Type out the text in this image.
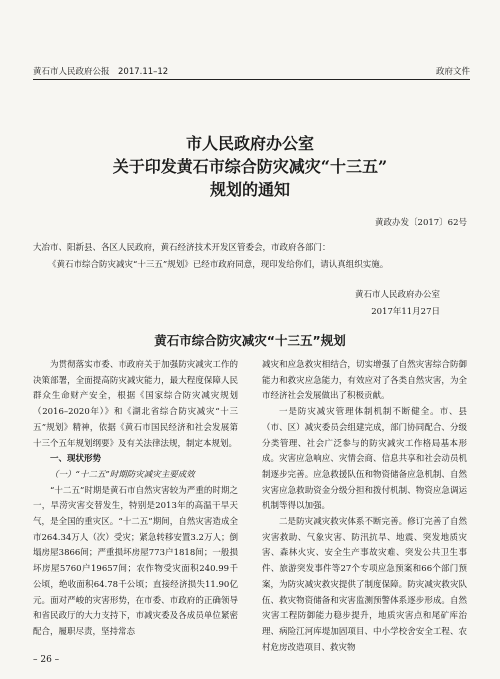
黄石市人民政府公报　2017.11–12	政府文件
市人民政府办公室
关于印发黄石市综合防灾减灾“十三五”
规划的通知
黄政办发〔2017〕62号

大冶市、阳新县、各区人民政府，黄石经济技术开发区管委会，市政府各部门：

《黄石市综合防灾减灾“十三五”规划》已经市政府同意，现印发给你们，请认真组织实施。

黄石市人民政府办公室
2017年11月27日
黄石市综合防灾减灾“十三五”规划

为贯彻落实市委、市政府关于加强防灾减灾工作的决策部署，全面提高防灾减灾能力，最大程度保障人民群众生命财产安全，根据《国家综合防灾减灾规划（2016–2020年）》和《湖北省综合防灾减灾“十三五”规划》精神，依据《黄石市国民经济和社会发展第十三个五年规划纲要》及有关法律法规，制定本规划。

一、现状形势

（一）“十二五”时期防灾减灾主要成效

“十二五”时期是黄石市自然灾害较为严重的时期之一，旱涝灾害交替发生，特别是2013年的高温干旱天气，是全国的重灾区。“十二五”期间，自然灾害造成全市264.34万人（次）受灾；紧急转移安置3.2万人；倒塌房屋3866间；严重损坏房屋773户1818间；一般损坏房屋5760户19657间；农作物受灾面积240.99千公顷，绝收面积64.78千公顷；直接经济损失11.90亿元。面对严峻的灾害形势，在市委、市政府的正确领导和省民政厅的大力支持下，市减灾委及各成员单位紧密配合，履职尽责，坚持常态

减灾和应急救灾相结合，切实增强了自然灾害综合防御能力和救灾应急能力，有效应对了各类自然灾害，为全市经济社会发展做出了积极贡献。

一是防灾减灾管理体制机制不断健全。市、县（市、区）减灾委员会组建完成，部门协同配合、分级分类管理、社会广泛参与的防灾减灾工作格局基本形成。灾害应急响应、灾情会商、信息共享和社会动员机制逐步完善。应急救援队伍和物资储备应急机制、自然灾害应急救助资金分级分担和拨付机制、物资应急调运机制等得以加强。

二是防灾减灾救灾体系不断完善。修订完善了自然灾害救助、气象灾害、防汛抗旱、地震、突发地质灾害、森林火灾、安全生产事故灾难、突发公共卫生事件、旅游突发事件等27个专项应急预案和66个部门预案，为防灾减灾救灾提供了制度保障。防灾减灾救灾队伍、救灾物资储备和灾害监测预警体系逐步形成。自然灾害工程防御能力稳步提升，地质灾害点和尾矿库治理、病险江河库堤加固项目、中小学校舍安全工程、农村危房改造项目、救灾物

– 26 –
